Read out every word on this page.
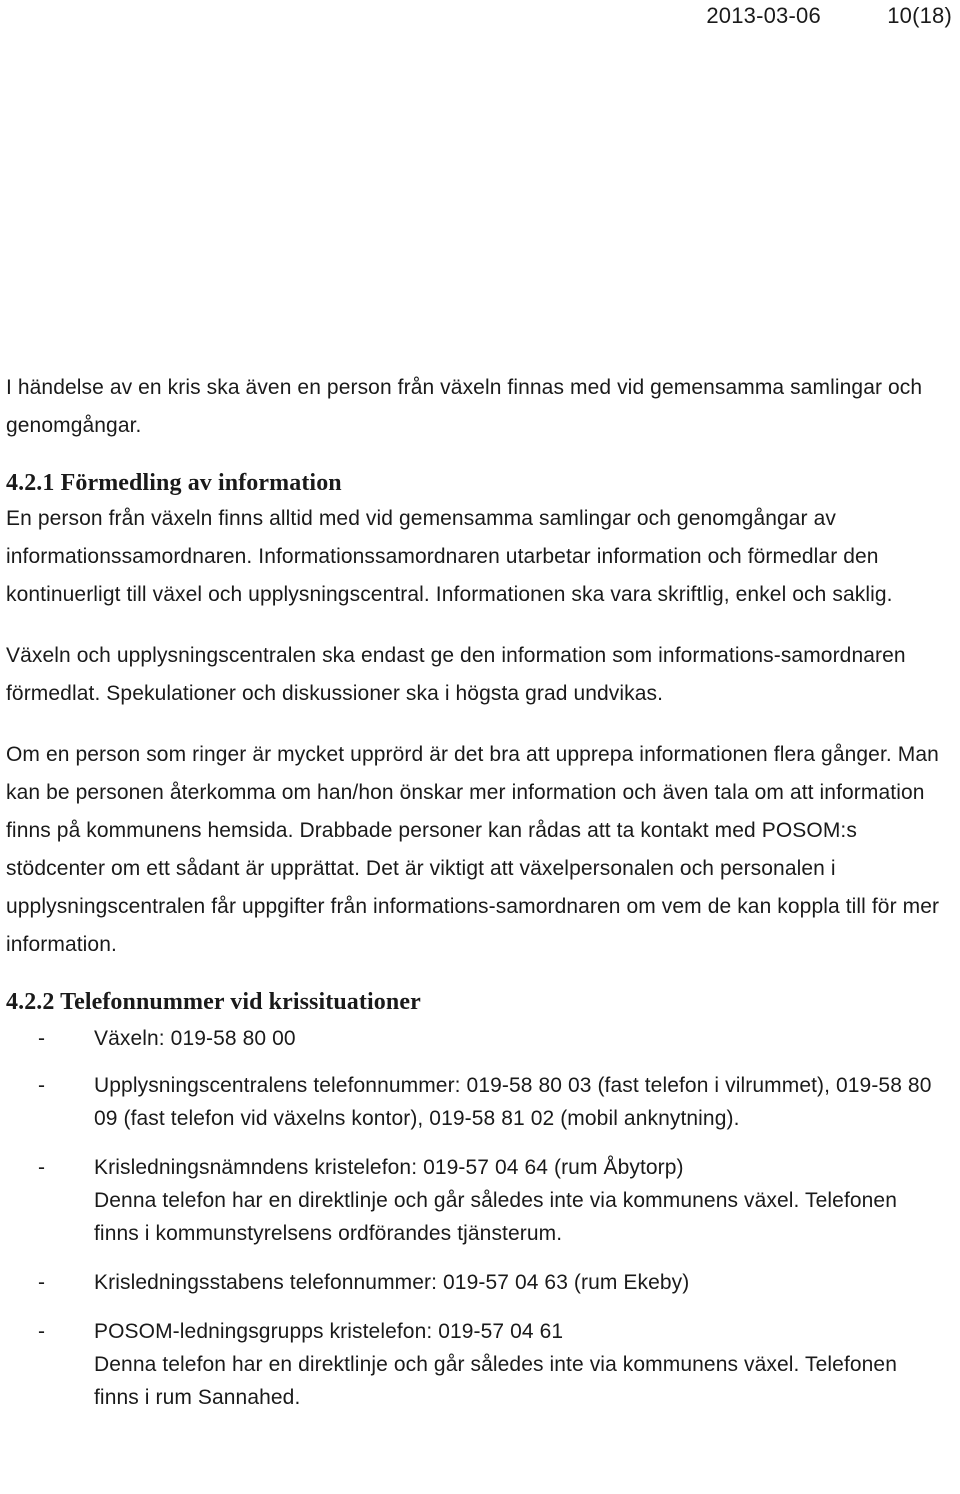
2013-03-06	10(18)

I händelse av en kris ska även en person från växeln finnas med vid gemensamma samlingar och genomgångar.

4.2.1 Förmedling av information

En person från växeln finns alltid med vid gemensamma samlingar och genomgångar av informationssamordnaren. Informationssamordnaren utarbetar information och förmedlar den kontinuerligt till växel och upplysningscentral. Informationen ska vara skriftlig, enkel och saklig.

Växeln och upplysningscentralen ska endast ge den information som informations-samordnaren förmedlat. Spekulationer och diskussioner ska i högsta grad undvikas.

Om en person som ringer är mycket upprörd är det bra att upprepa informationen flera gånger. Man kan be personen återkomma om han/hon önskar mer information och även tala om att information finns på kommunens hemsida. Drabbade personer kan rådas att ta kontakt med POSOM:s stödcenter om ett sådant är upprättat. Det är viktigt att växelpersonalen och personalen i upplysningscentralen får uppgifter från informations-samordnaren om vem de kan koppla till för mer information.

4.2.2 Telefonnummer vid krissituationer
- Växeln: 019-58 80 00
- Upplysningscentralens telefonnummer: 019-58 80 03 (fast telefon i vilrummet), 019-58 80 09 (fast telefon vid växelns kontor), 019-58 81 02 (mobil anknytning).
- Krisledningsnämndens kristelefon: 019-57 04 64 (rum Åbytorp)
Denna telefon har en direktlinje och går således inte via kommunens växel. Telefonen finns i kommunstyrelsens ordförandes tjänsterum.
- Krisledningsstabens telefonnummer: 019-57 04 63 (rum Ekeby)
- POSOM-ledningsgrupps kristelefon: 019-57 04 61
Denna telefon har en direktlinje och går således inte via kommunens växel. Telefonen finns i rum Sannahed.
